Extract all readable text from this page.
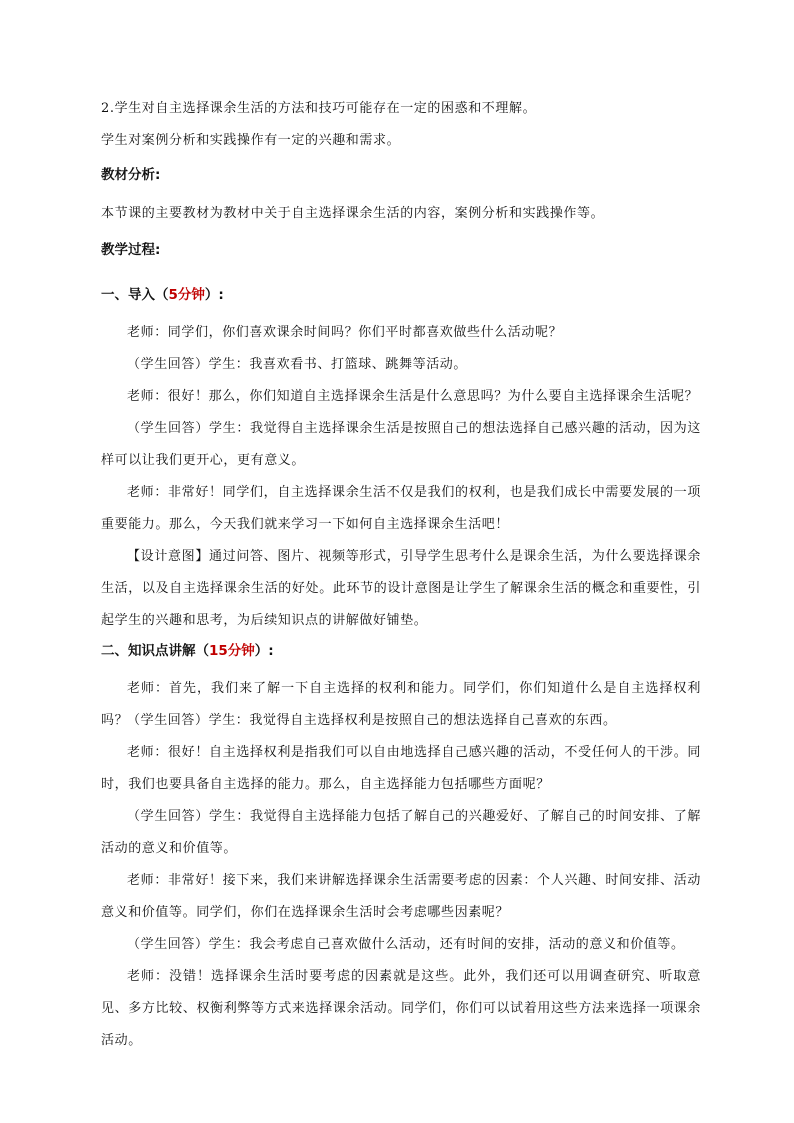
2.学生对自主选择课余生活的方法和技巧可能存在一定的困惑和不理解。
学生对案例分析和实践操作有一定的兴趣和需求。
教材分析:
本节课的主要教材为教材中关于自主选择课余生活的内容，案例分析和实践操作等。
教学过程:
一、导入（5分钟）:
老师：同学们，你们喜欢课余时间吗？你们平时都喜欢做些什么活动呢？
（学生回答）学生：我喜欢看书、打篮球、跳舞等活动。
老师：很好！那么，你们知道自主选择课余生活是什么意思吗？为什么要自主选择课余生活呢？
（学生回答）学生：我觉得自主选择课余生活是按照自己的想法选择自己感兴趣的活动，因为这样可以让我们更开心，更有意义。
老师：非常好！同学们，自主选择课余生活不仅是我们的权利，也是我们成长中需要发展的一项重要能力。那么，今天我们就来学习一下如何自主选择课余生活吧！
【设计意图】通过问答、图片、视频等形式，引导学生思考什么是课余生活，为什么要选择课余生活，以及自主选择课余生活的好处。此环节的设计意图是让学生了解课余生活的概念和重要性，引起学生的兴趣和思考，为后续知识点的讲解做好铺垫。
二、知识点讲解（15分钟）:
老师：首先，我们来了解一下自主选择的权利和能力。同学们，你们知道什么是自主选择权利吗？
（学生回答）学生：我觉得自主选择权利是按照自己的想法选择自己喜欢的东西。
老师：很好！自主选择权利是指我们可以自由地选择自己感兴趣的活动，不受任何人的干涉。同时，我们也要具备自主选择的能力。那么，自主选择能力包括哪些方面呢？
（学生回答）学生：我觉得自主选择能力包括了解自己的兴趣爱好、了解自己的时间安排、了解活动的意义和价值等。
老师：非常好！接下来，我们来讲解选择课余生活需要考虑的因素：个人兴趣、时间安排、活动意义和价值等。同学们，你们在选择课余生活时会考虑哪些因素呢？
（学生回答）学生：我会考虑自己喜欢做什么活动，还有时间的安排，活动的意义和价值等。
老师：没错！选择课余生活时要考虑的因素就是这些。此外，我们还可以用调查研究、听取意见、多方比较、权衡利弊等方式来选择课余活动。同学们，你们可以试着用这些方法来选择一项课余活动。
